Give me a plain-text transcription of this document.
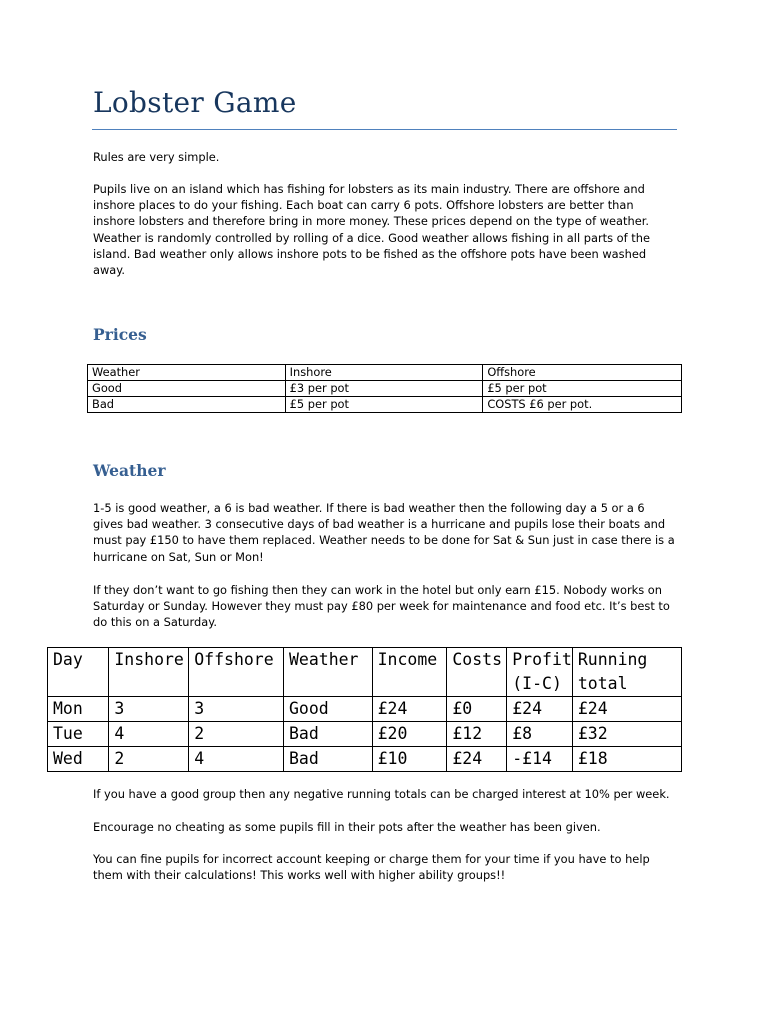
Lobster Game

Rules are very simple.

Pupils live on an island which has fishing for lobsters as its main industry. There are offshore and inshore places to do your fishing. Each boat can carry 6 pots. Offshore lobsters are better than inshore lobsters and therefore bring in more money. These prices depend on the type of weather. Weather is randomly controlled by rolling of a dice. Good weather allows fishing in all parts of the island. Bad weather only allows inshore pots to be fished as the offshore pots have been washed away.

Prices
Weather	Inshore	Offshore
Good	£3 per pot	£5 per pot
Bad	£5 per pot	COSTS £6 per pot.
Weather

1-5 is good weather, a 6 is bad weather. If there is bad weather then the following day a 5 or a 6 gives bad weather. 3 consecutive days of bad weather is a hurricane and pupils lose their boats and must pay £150 to have them replaced. Weather needs to be done for Sat & Sun just in case there is a hurricane on Sat, Sun or Mon!

If they don’t want to go fishing then they can work in the hotel but only earn £15. Nobody works on Saturday or Sunday. However they must pay £80 per week for maintenance and food etc. It’s best to do this on a Saturday.

Day	Inshore	Offshore	Weather	Income	Costs	Profit (I-C)	Running total
Mon	3	3	Good	£24	£0	£24	£24
Tue	4	2	Bad	£20	£12	£8	£32
Wed	2	4	Bad	£10	£24	-£14	£18

If you have a good group then any negative running totals can be charged interest at 10% per week.

Encourage no cheating as some pupils fill in their pots after the weather has been given.

You can fine pupils for incorrect account keeping or charge them for your time if you have to help them with their calculations! This works well with higher ability groups!!
